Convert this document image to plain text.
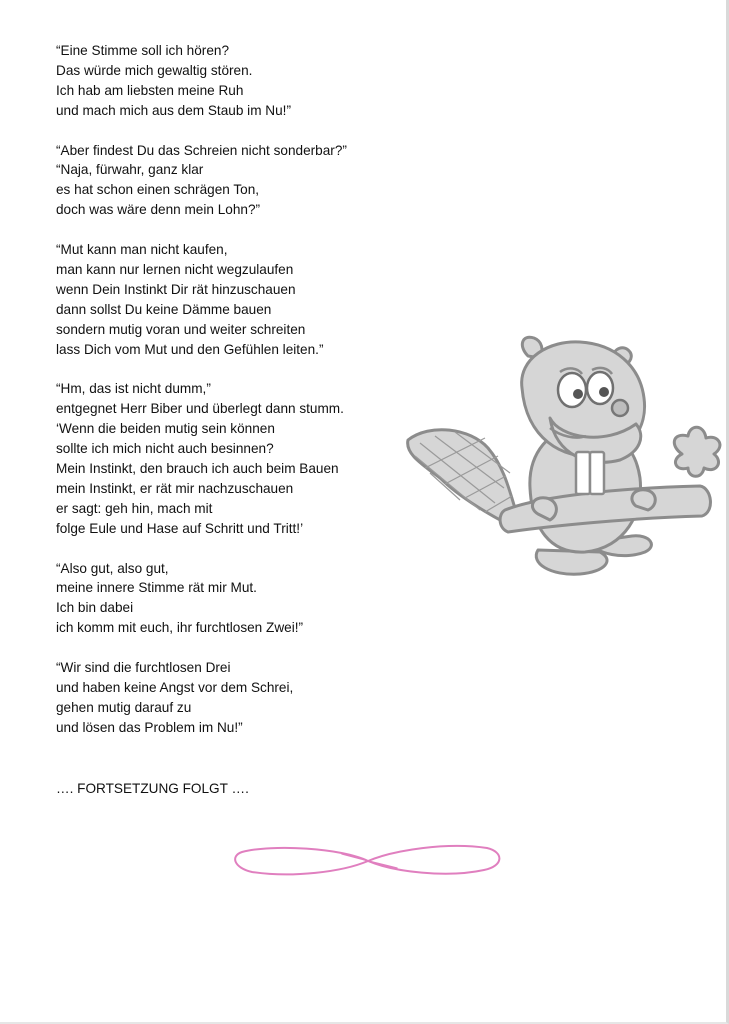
“Eine Stimme soll ich hören?
Das würde mich gewaltig stören.
Ich hab am liebsten meine Ruh
und mach mich aus dem Staub im Nu!”
“Aber findest Du das Schreien nicht sonderbar?”
“Naja, fürwahr, ganz klar
es hat schon einen schrägen Ton,
doch was wäre denn mein Lohn?”
“Mut kann man nicht kaufen,
man kann nur lernen nicht wegzulaufen
wenn Dein Instinkt Dir rät hinzuschauen
dann sollst Du keine Dämme bauen
sondern mutig voran und weiter schreiten
lass Dich vom Mut und den Gefühlen leiten.”
“Hm, das ist nicht dumm,”
entgegnet Herr Biber und überlegt dann stumm.
‘Wenn die beiden mutig sein können
sollte ich mich nicht auch besinnen?
Mein Instinkt, den brauch ich auch beim Bauen
mein Instinkt, er rät mir nachzuschauen
er sagt: geh hin, mach mit
folge Eule und Hase auf Schritt und Tritt!’
“Also gut, also gut,
meine innere Stimme rät mir Mut.
Ich bin dabei
ich komm mit euch, ihr furchtlosen Zwei!”
“Wir sind die furchtlosen Drei
und haben keine Angst vor dem Schrei,
gehen mutig darauf zu
und lösen das Problem im Nu!”
…. FORTSETZUNG FOLGT ….
